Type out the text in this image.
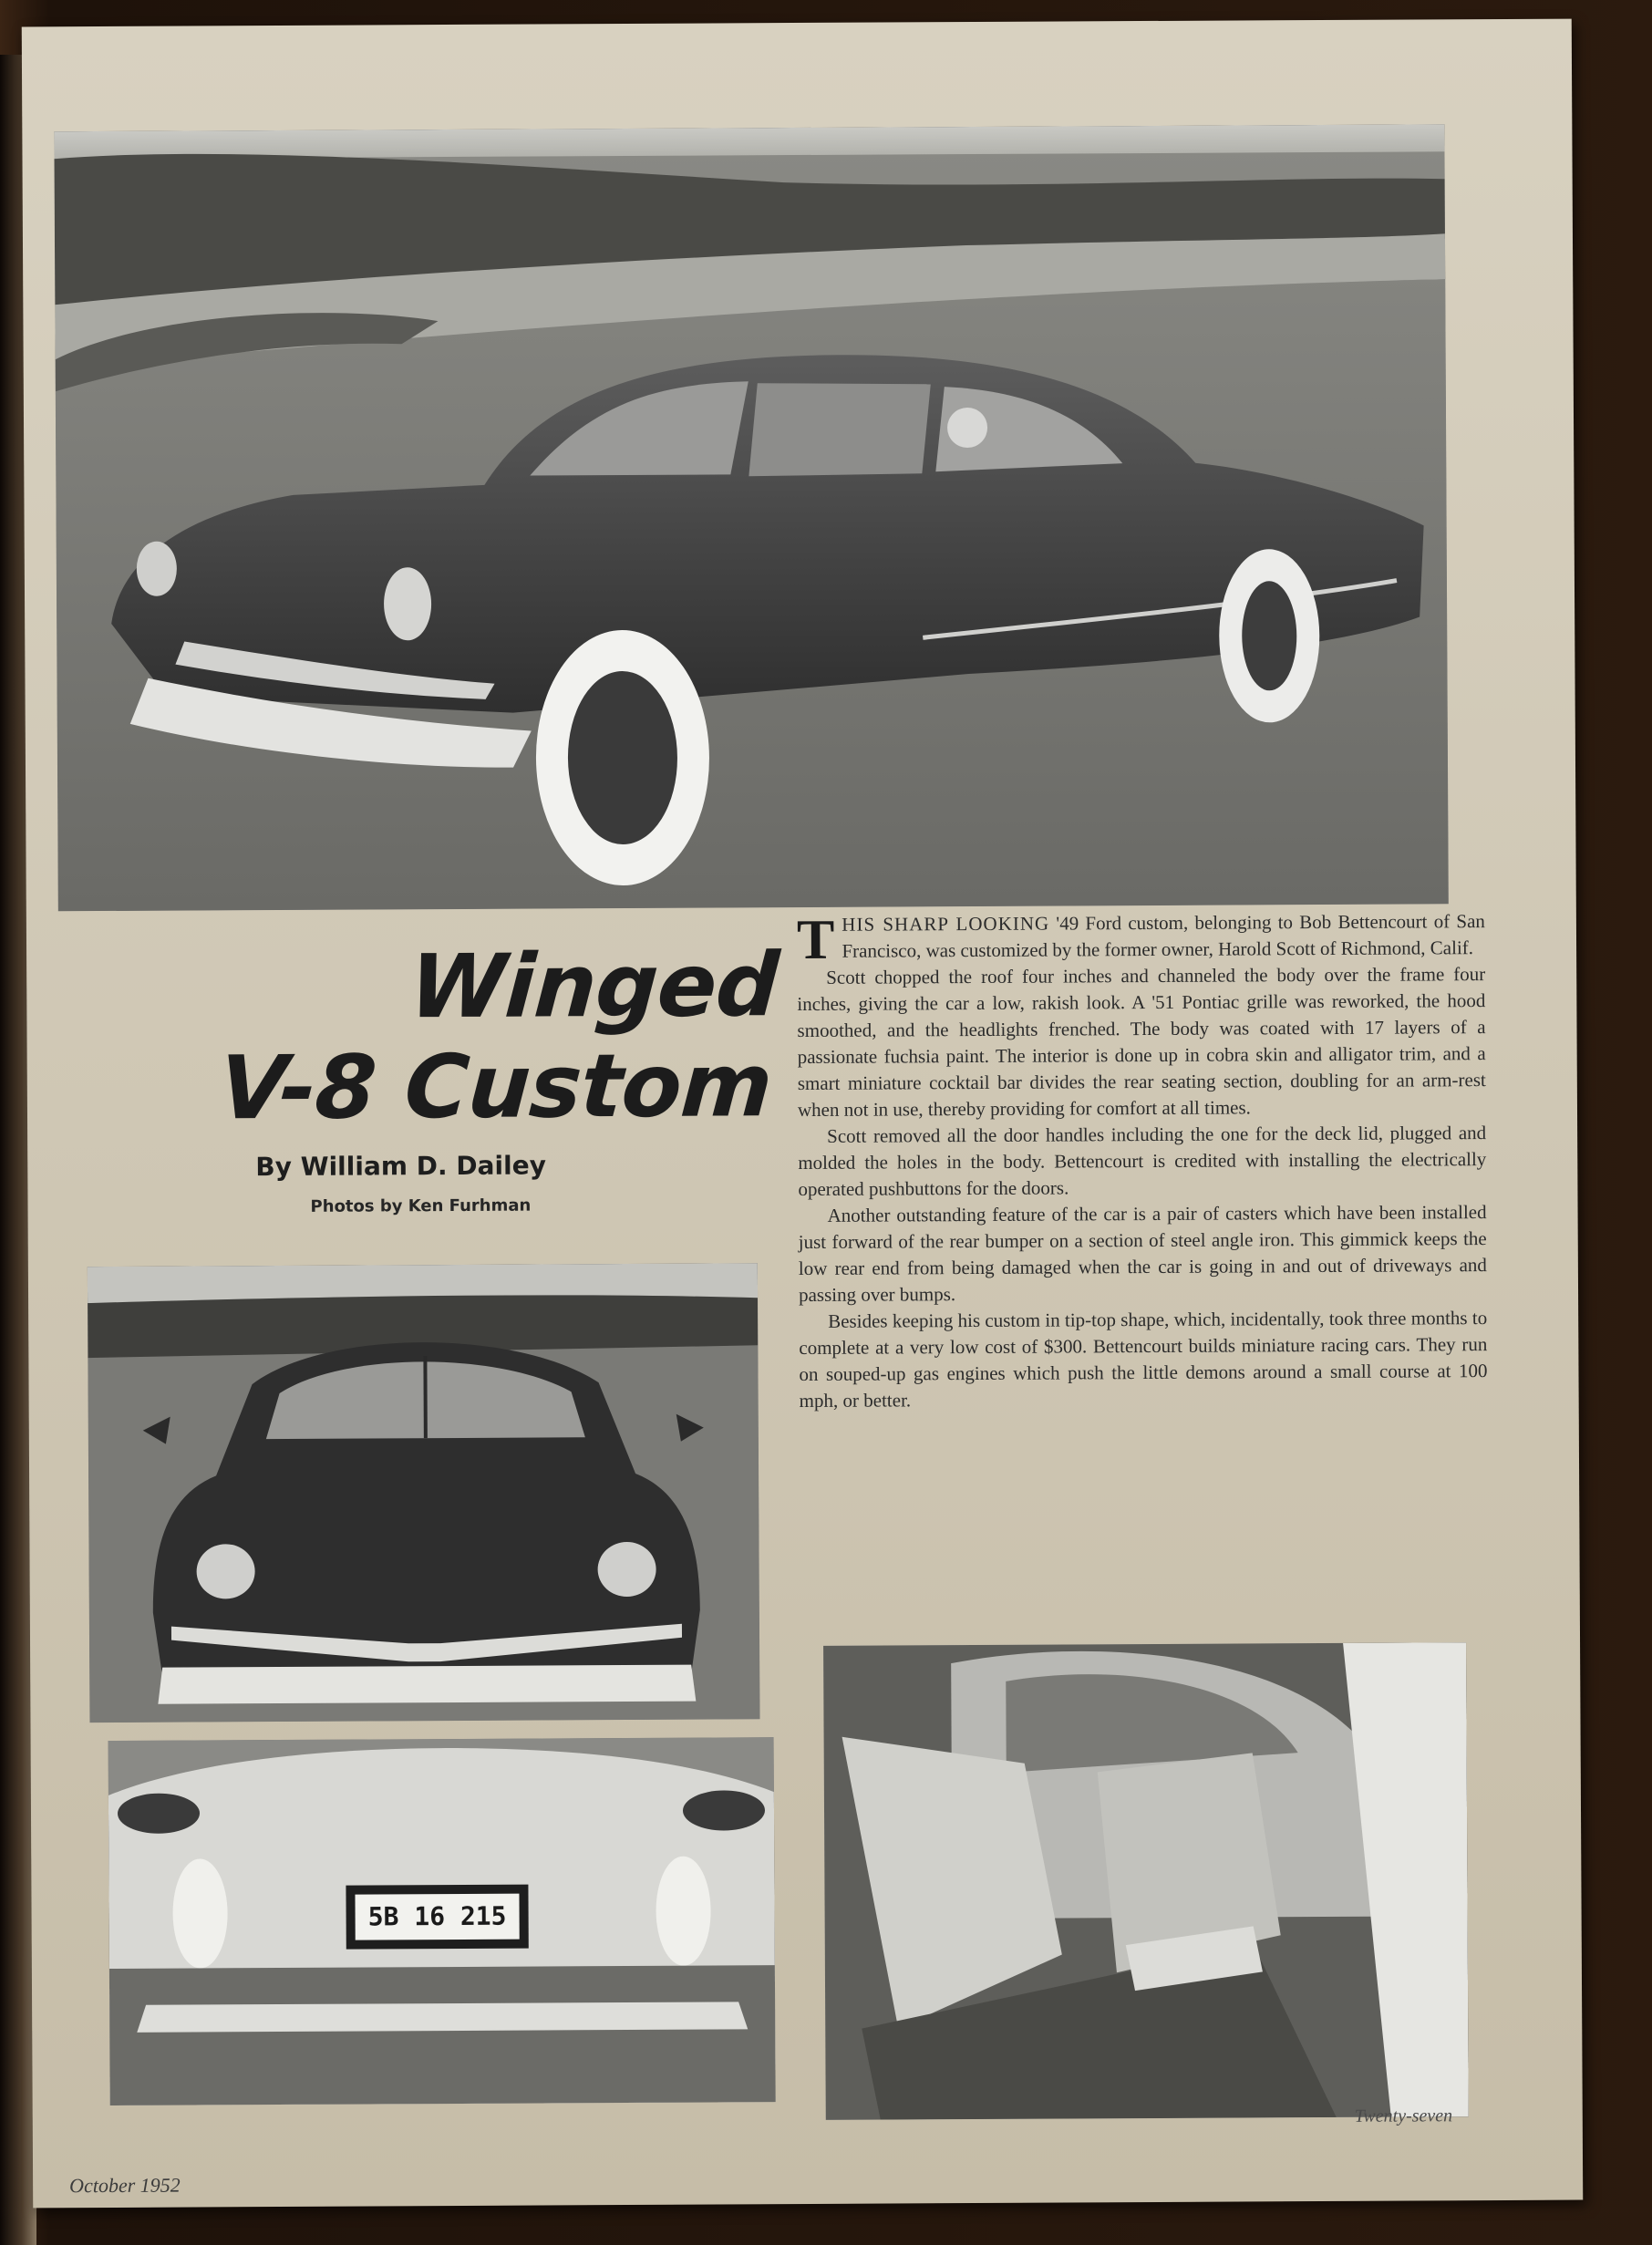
Winged
V-8 Custom
By William D. Dailey
Photos by Ken Furhman
5B 16 215

THIS SHARP LOOKING '49 Ford custom, belonging to Bob Bettencourt of San Francisco, was customized by the former owner, Harold Scott of Richmond, Calif.

Scott chopped the roof four inches and channeled the body over the frame four inches, giving the car a low, rakish look. A '51 Pontiac grille was reworked, the hood smoothed, and the headlights frenched. The body was coated with 17 layers of a passionate fuchsia paint. The interior is done up in cobra skin and alligator trim, and a smart miniature cocktail bar divides the rear seating section, doubling for an arm-rest when not in use, thereby providing for comfort at all times.

Scott removed all the door handles including the one for the deck lid, plugged and molded the holes in the body. Bettencourt is credited with installing the electrically operated pushbuttons for the doors.

Another outstanding feature of the car is a pair of casters which have been installed just forward of the rear bumper on a section of steel angle iron. This gimmick keeps the low rear end from being damaged when the car is going in and out of driveways and passing over bumps.

Besides keeping his custom in tip-top shape, which, incidentally, took three months to complete at a very low cost of $300. Bettencourt builds miniature racing cars. They run on souped-up gas engines which push the little demons around a small course at 100 mph, or better.

Twenty-seven
October 1952
